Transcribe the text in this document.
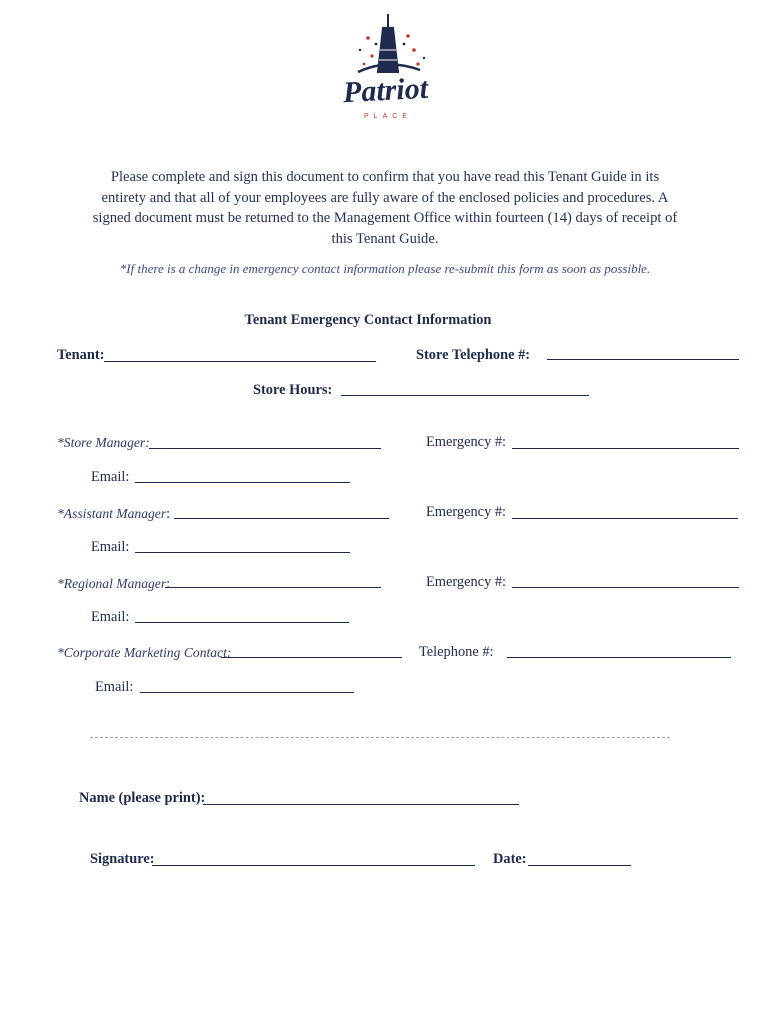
Patriot
PLACE
Please complete and sign this document to confirm that you have read this Tenant Guide in its
entirety and that all of your employees are fully aware of the enclosed policies and procedures. A
signed document must be returned to the Management Office within fourteen (14) days of receipt of
this Tenant Guide.
*If there is a change in emergency contact information please re-submit this form as soon as possible.
Tenant Emergency Contact Information
Tenant:	Store Telephone #:
Store Hours:
*Store Manager:	Emergency #:
Email:
*Assistant Manager:	Emergency #:
Email:
*Regional Manager:	Emergency #:
Email:
*Corporate Marketing Contact:	Telephone #:
Email:
Name (please print):
Signature:	Date:
